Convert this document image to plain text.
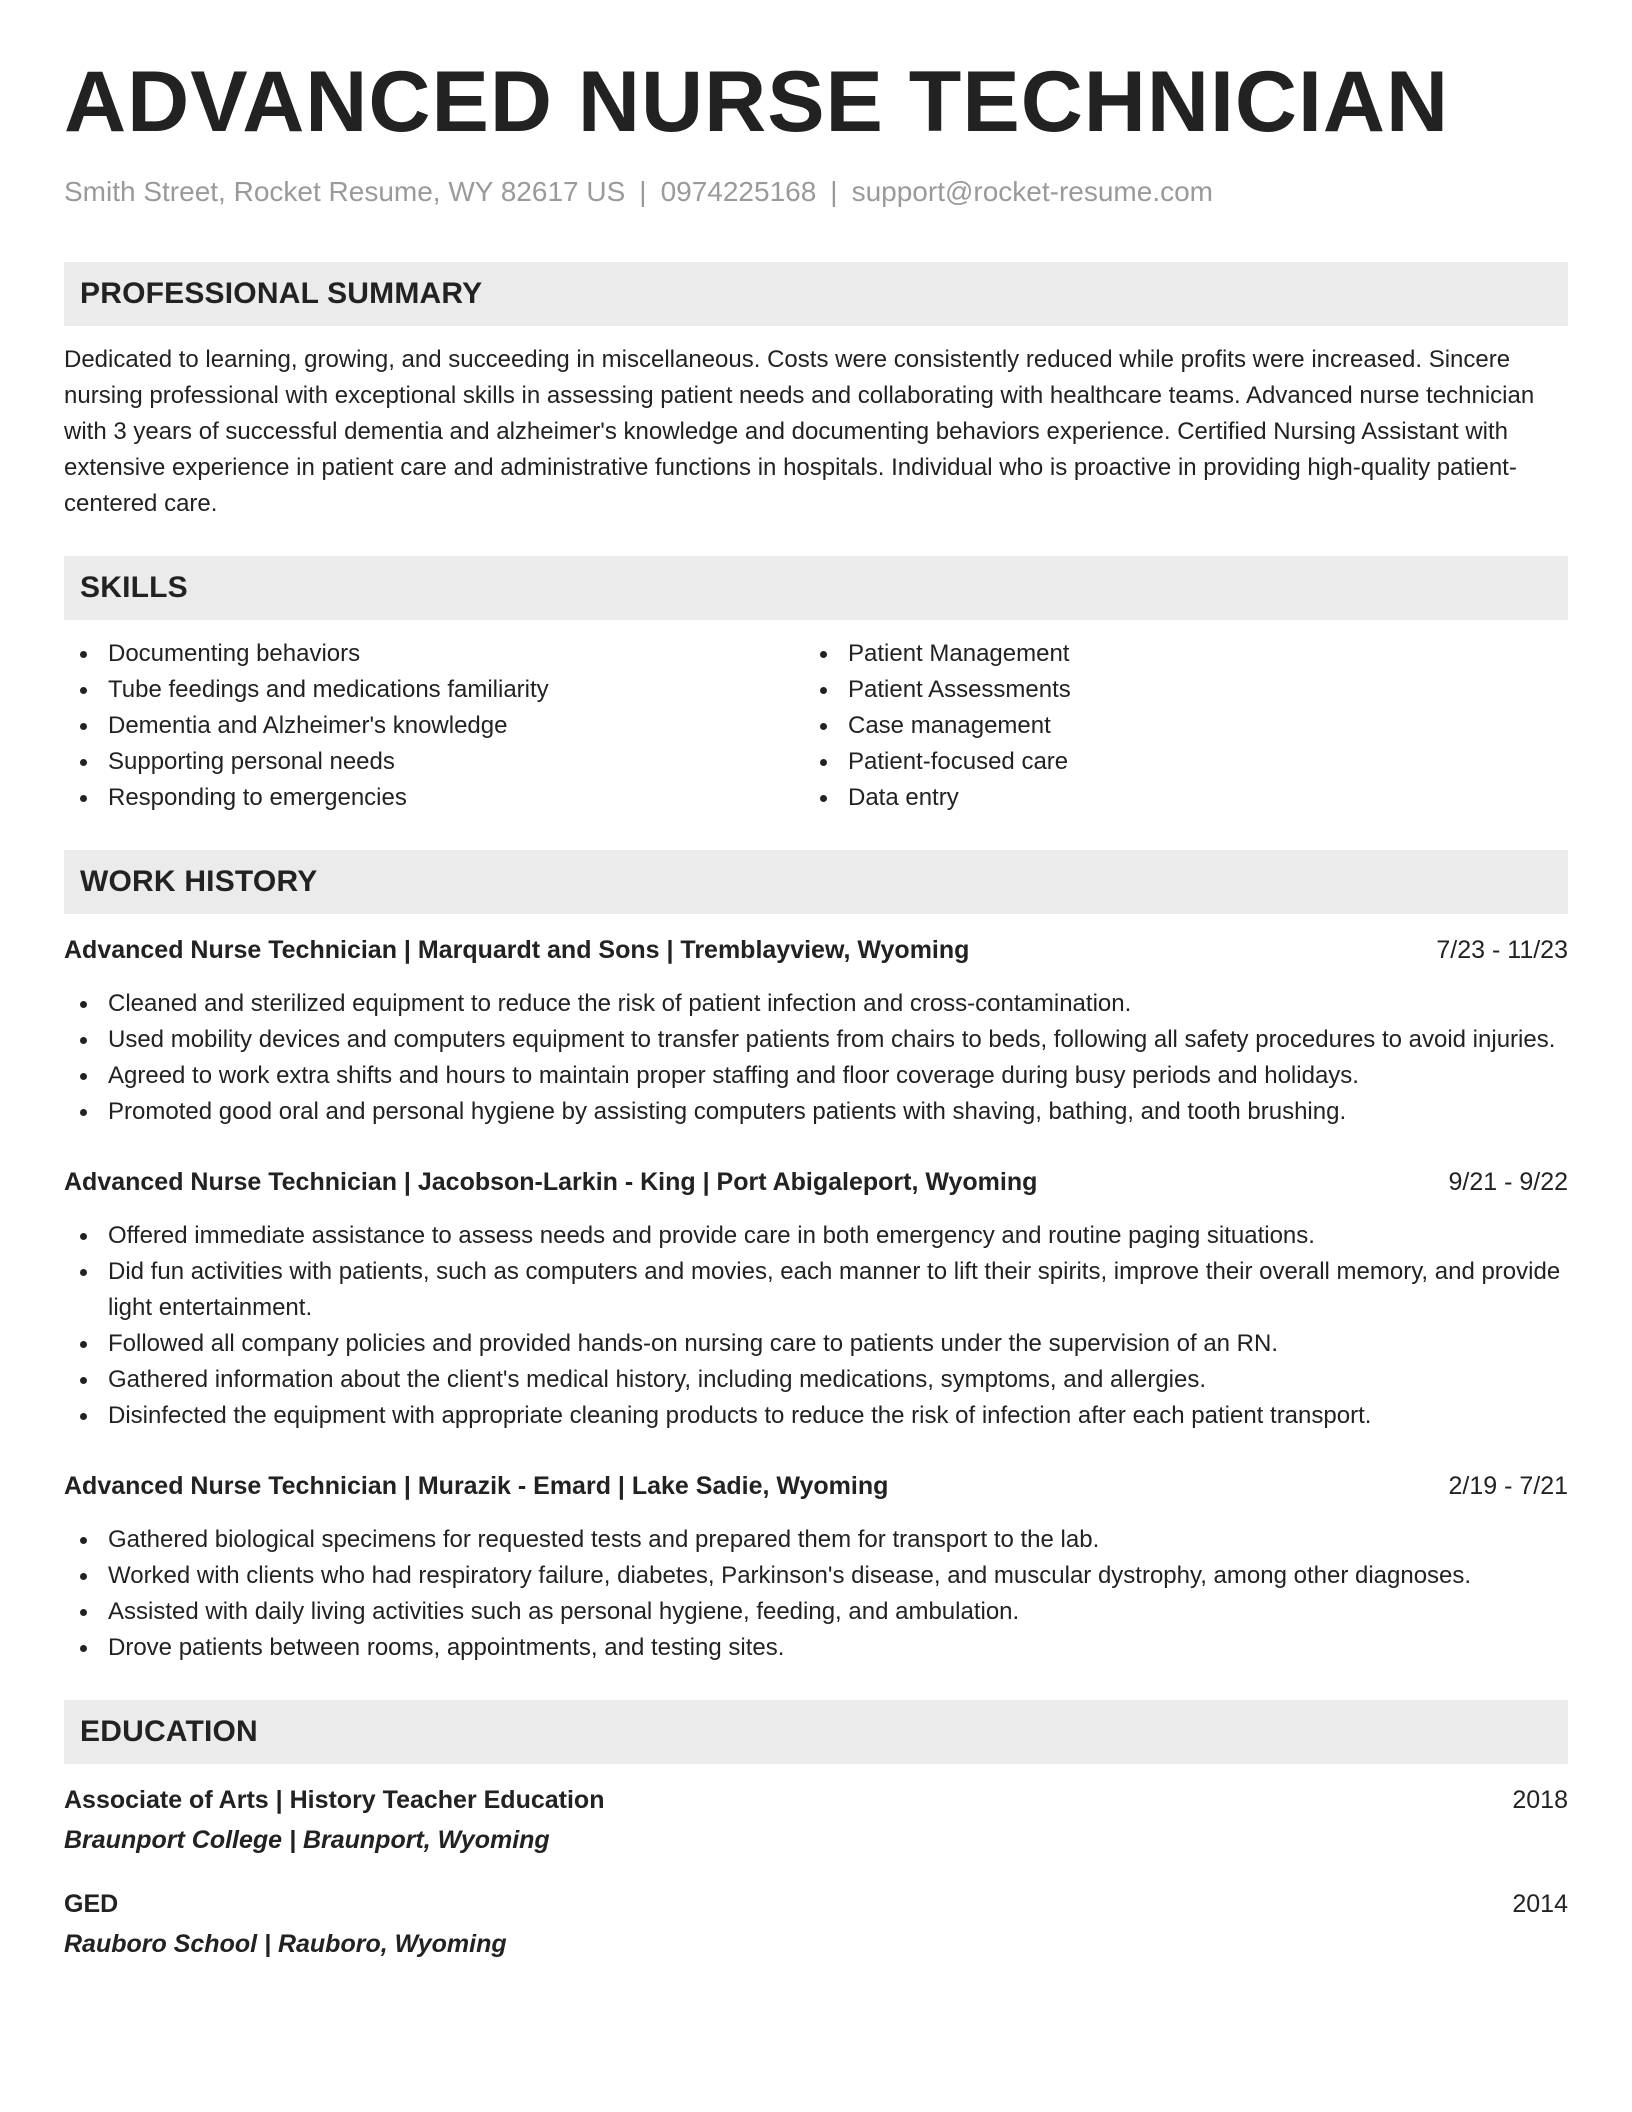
ADVANCED NURSE TECHNICIAN
Smith Street, Rocket Resume, WY 82617 US | 0974225168 | support@rocket-resume.com
PROFESSIONAL SUMMARY

Dedicated to learning, growing, and succeeding in miscellaneous. Costs were consistently reduced while profits were increased. Sincere nursing professional with exceptional skills in assessing patient needs and collaborating with healthcare teams. Advanced nurse technician with 3 years of successful dementia and alzheimer's knowledge and documenting behaviors experience. Certified Nursing Assistant with extensive experience in patient care and administrative functions in hospitals. Individual who is proactive in providing high-quality patient-centered care.

SKILLS
Documenting behaviors
Tube feedings and medications familiarity
Dementia and Alzheimer's knowledge
Supporting personal needs
Responding to emergencies
Patient Management
Patient Assessments
Case management
Patient-focused care
Data entry
WORK HISTORY
Advanced Nurse Technician | Marquardt and Sons | Tremblayview, Wyoming	7/23 - 11/23
Cleaned and sterilized equipment to reduce the risk of patient infection and cross-contamination.
Used mobility devices and computers equipment to transfer patients from chairs to beds, following all safety procedures to avoid injuries.
Agreed to work extra shifts and hours to maintain proper staffing and floor coverage during busy periods and holidays.
Promoted good oral and personal hygiene by assisting computers patients with shaving, bathing, and tooth brushing.
Advanced Nurse Technician | Jacobson-Larkin - King | Port Abigaleport, Wyoming	9/21 - 9/22
Offered immediate assistance to assess needs and provide care in both emergency and routine paging situations.
Did fun activities with patients, such as computers and movies, each manner to lift their spirits, improve their overall memory, and provide light entertainment.
Followed all company policies and provided hands-on nursing care to patients under the supervision of an RN.
Gathered information about the client's medical history, including medications, symptoms, and allergies.
Disinfected the equipment with appropriate cleaning products to reduce the risk of infection after each patient transport.
Advanced Nurse Technician | Murazik - Emard | Lake Sadie, Wyoming	2/19 - 7/21
Gathered biological specimens for requested tests and prepared them for transport to the lab.
Worked with clients who had respiratory failure, diabetes, Parkinson's disease, and muscular dystrophy, among other diagnoses.
Assisted with daily living activities such as personal hygiene, feeding, and ambulation.
Drove patients between rooms, appointments, and testing sites.
EDUCATION
Associate of Arts | History Teacher Education	2018
Braunport College | Braunport, Wyoming
GED	2014
Rauboro School | Rauboro, Wyoming
